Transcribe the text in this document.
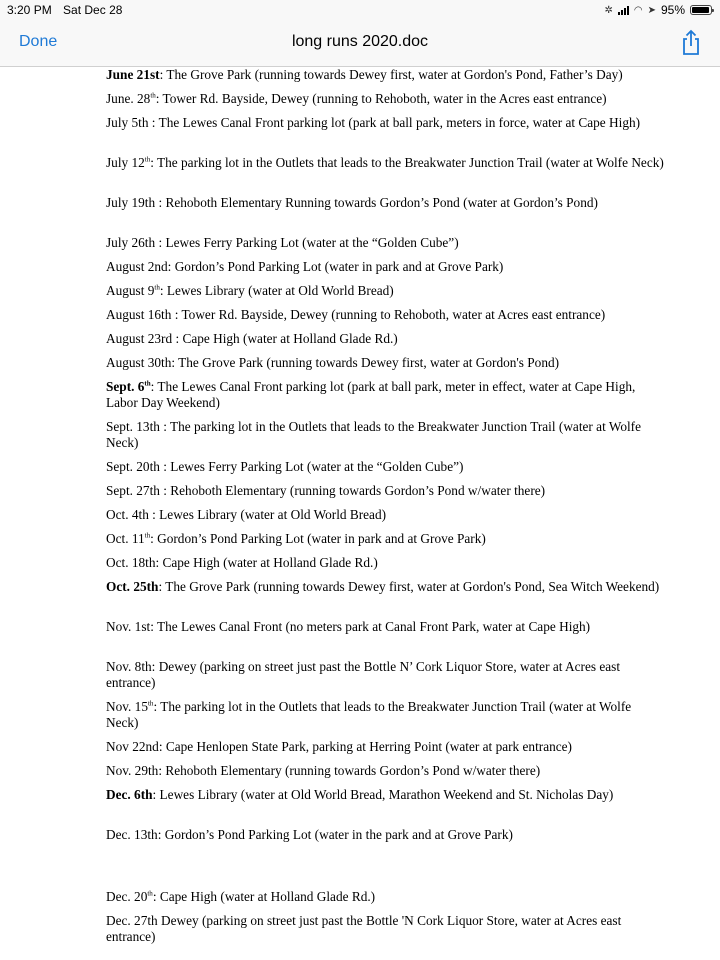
3:20 PM Sat Dec 28	✲ ◠ ➤ 95%
Done	long runs 2020.doc
June 21st: The Grove Park (running towards Dewey first, water at Gordon's Pond, Father’s Day)
June. 28th: Tower Rd. Bayside, Dewey (running to Rehoboth, water in the Acres east entrance)
July 5th : The Lewes Canal Front parking lot (park at ball park, meters in force, water at Cape High)
July 12th: The parking lot in the Outlets that leads to the Breakwater Junction Trail (water at Wolfe Neck)
July 19th : Rehoboth Elementary Running towards Gordon’s Pond (water at Gordon’s Pond)
July 26th : Lewes Ferry Parking Lot (water at the “Golden Cube”)
August 2nd: Gordon’s Pond Parking Lot (water in park and at Grove Park)
August 9th: Lewes Library (water at Old World Bread)
August 16th : Tower Rd. Bayside, Dewey (running to Rehoboth, water at Acres east entrance)
August 23rd : Cape High (water at Holland Glade Rd.)
August 30th: The Grove Park (running towards Dewey first, water at Gordon's Pond)
Sept. 6th: The Lewes Canal Front parking lot (park at ball park, meter in effect, water at Cape High, Labor Day Weekend)
Sept. 13th : The parking lot in the Outlets that leads to the Breakwater Junction Trail (water at Wolfe Neck)
Sept. 20th : Lewes Ferry Parking Lot (water at the “Golden Cube”)
Sept. 27th : Rehoboth Elementary (running towards Gordon’s Pond w/water there)
Oct. 4th : Lewes Library (water at Old World Bread)
Oct. 11th: Gordon’s Pond Parking Lot (water in park and at Grove Park)
Oct. 18th: Cape High (water at Holland Glade Rd.)
Oct. 25th: The Grove Park (running towards Dewey first, water at Gordon's Pond, Sea Witch Weekend)
Nov. 1st: The Lewes Canal Front (no meters park at Canal Front Park, water at Cape High)
Nov. 8th: Dewey (parking on street just past the Bottle N’ Cork Liquor Store, water at Acres east entrance)
Nov. 15th: The parking lot in the Outlets that leads to the Breakwater Junction Trail (water at Wolfe Neck)
Nov 22nd: Cape Henlopen State Park, parking at Herring Point (water at park entrance)
Nov. 29th: Rehoboth Elementary (running towards Gordon’s Pond w/water there)
Dec. 6th: Lewes Library (water at Old World Bread, Marathon Weekend and St. Nicholas Day)
Dec. 13th: Gordon’s Pond Parking Lot (water in the park and at Grove Park)
Dec. 20th: Cape High (water at Holland Glade Rd.)
Dec. 27th Dewey (parking on street just past the Bottle 'N Cork Liquor Store, water at Acres east entrance)
